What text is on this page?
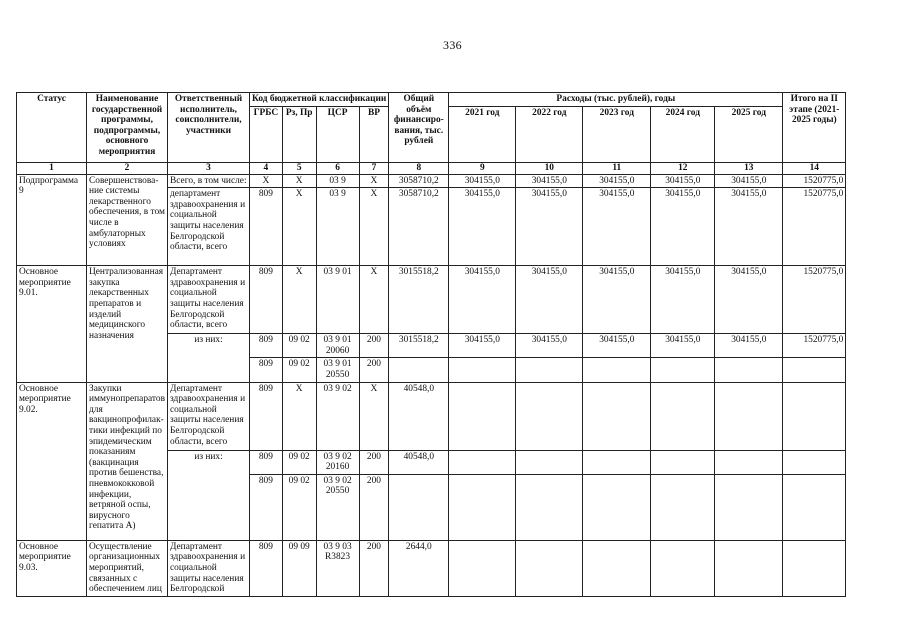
336
Статус	Наименование государственной программы, подпрограммы, основного мероприятия	Ответственный исполнитель, соисполнители, участники	Код бюджетной классификации				Общий объём финансиро-вания, тыс. рублей	Расходы (тыс. рублей), годы					Итого на II этапе (2021-2025 годы)
			ГРБС	Рз, Пр	ЦСР	ВР		2021 год	2022 год	2023 год	2024 год	2025 год	
1	2	3	4	5	6	7	8	9	10	11	12	13	14
Подпрограмма 9	Совершенствова-ние системы лекарственного обеспечения, в том числе в амбулаторных условиях	Всего, в том числе:	X	X	03 9	X	3058710,2	304155,0	304155,0	304155,0	304155,0	304155,0	1520775,0
		департамент здравоохранения и социальной защиты населения Белгородской области, всего	809	X	03 9	X	3058710,2	304155,0	304155,0	304155,0	304155,0	304155,0	1520775,0
Основное мероприятие 9.01.	Централизованная закупка лекарственных препаратов и изделий медицинского назначения	Департамент здравоохранения и социальной защиты населения Белгородской области, всего	809	X	03 9 01	X	3015518,2	304155,0	304155,0	304155,0	304155,0	304155,0	1520775,0
		из них:	809	09 02	03 9 01 20060	200	3015518,2	304155,0	304155,0	304155,0	304155,0	304155,0	1520775,0
			809	09 02	03 9 01 20550	200							
Основное мероприятие 9.02.	Закупки иммунопрепаратов для вакцинопрофилак-тики инфекций по эпидемическим показаниям (вакцинация против бешенства, пневмококковой инфекции, ветряной оспы, вирусного гепатита А)	Департамент здравоохранения и социальной защиты населения Белгородской области, всего	809	X	03 9 02	X	40548,0						
		из них:	809	09 02	03 9 02 20160	200	40548,0						
			809	09 02	03 9 02 20550	200							
Основное мероприятие 9.03.	Осуществление организационных мероприятий, связанных с обеспечением лиц	Департамент здравоохранения и социальной защиты населения Белгородской	809	09 09	03 9 03 R3823	200	2644,0						
